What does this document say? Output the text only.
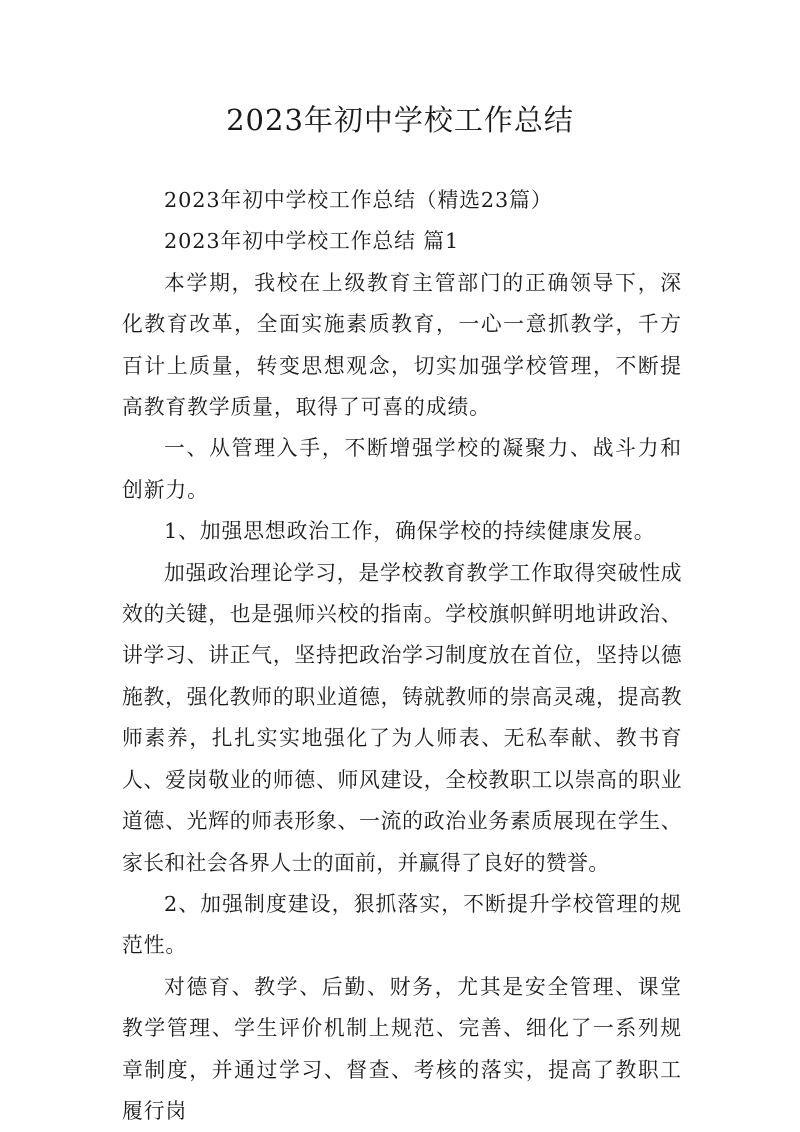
2023年初中学校工作总结

2023年初中学校工作总结（精选23篇）

2023年初中学校工作总结 篇1

本学期，我校在上级教育主管部门的正确领导下，深化教育改革，全面实施素质教育，一心一意抓教学，千方百计上质量，转变思想观念，切实加强学校管理，不断提高教育教学质量，取得了可喜的成绩。

一、从管理入手，不断增强学校的凝聚力、战斗力和创新力。

1、加强思想政治工作，确保学校的持续健康发展。

加强政治理论学习，是学校教育教学工作取得突破性成效的关键，也是强师兴校的指南。学校旗帜鲜明地讲政治、讲学习、讲正气，坚持把政治学习制度放在首位，坚持以德施教，强化教师的职业道德，铸就教师的崇高灵魂，提高教师素养，扎扎实实地强化了为人师表、无私奉献、教书育人、爱岗敬业的师德、师风建设，全校教职工以崇高的职业道德、光辉的师表形象、一流的政治业务素质展现在学生、家长和社会各界人士的面前，并赢得了良好的赞誉。

2、加强制度建设，狠抓落实，不断提升学校管理的规范性。

对德育、教学、后勤、财务，尤其是安全管理、课堂教学管理、学生评价机制上规范、完善、细化了一系列规章制度，并通过学习、督查、考核的落实，提高了教职工履行岗
